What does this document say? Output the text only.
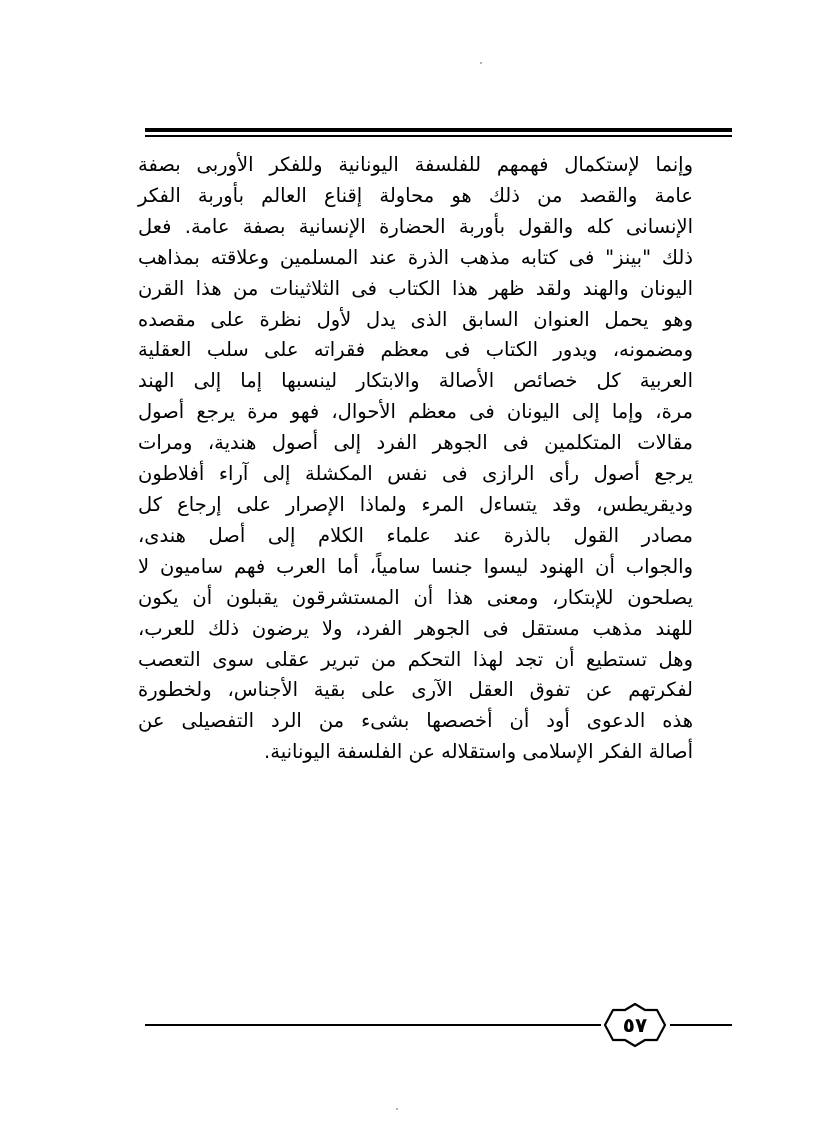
وإنما لإستكمال فهمهم للفلسفة اليونانية وللفكر الأوربى بصفة
عامة والقصد من ذلك هو محاولة إقناع العالم بأوربة الفكر
الإنسانى كله والقول بأوربة الحضارة الإنسانية بصفة عامة. فعل
ذلك "بينز" فى كتابه مذهب الذرة عند المسلمين وعلاقته بمذاهب
اليونان والهند ولقد ظهر هذا الكتاب فى الثلاثينات من هذا القرن
وهو يحمل العنوان السابق الذى يدل لأول نظرة على مقصده
ومضمونه، ويدور الكتاب فى معظم فقراته على سلب العقلية
العربية كل خصائص الأصالة والابتكار لينسبها إما إلى الهند
مرة، وإما إلى اليونان فى معظم الأحوال، فهو مرة يرجع أصول
مقالات المتكلمين فى الجوهر الفرد إلى أصول هندية، ومرات
يرجع أصول رأى الرازى فى نفس المكشلة إلى آراء أفلاطون
وديقريطس، وقد يتساءل المرء ولماذا الإصرار على إرجاع كل
مصادر القول بالذرة عند علماء الكلام إلى أصل هندى،
والجواب أن الهنود ليسوا جنسا سامياً، أما العرب فهم ساميون لا
يصلحون للإبتكار، ومعنى هذا أن المستشرقون يقبلون أن يكون
للهند مذهب مستقل فى الجوهر الفرد، ولا يرضون ذلك للعرب،
وهل تستطيع أن تجد لهذا التحكم من تبرير عقلى سوى التعصب
لفكرتهم عن تفوق العقل الآرى على بقية الأجناس، ولخطورة
هذه الدعوى أود أن أخصصها بشىء من الرد التفصيلى عن
أصالة الفكر الإسلامى واستقلاله عن الفلسفة اليونانية.
٥٧
